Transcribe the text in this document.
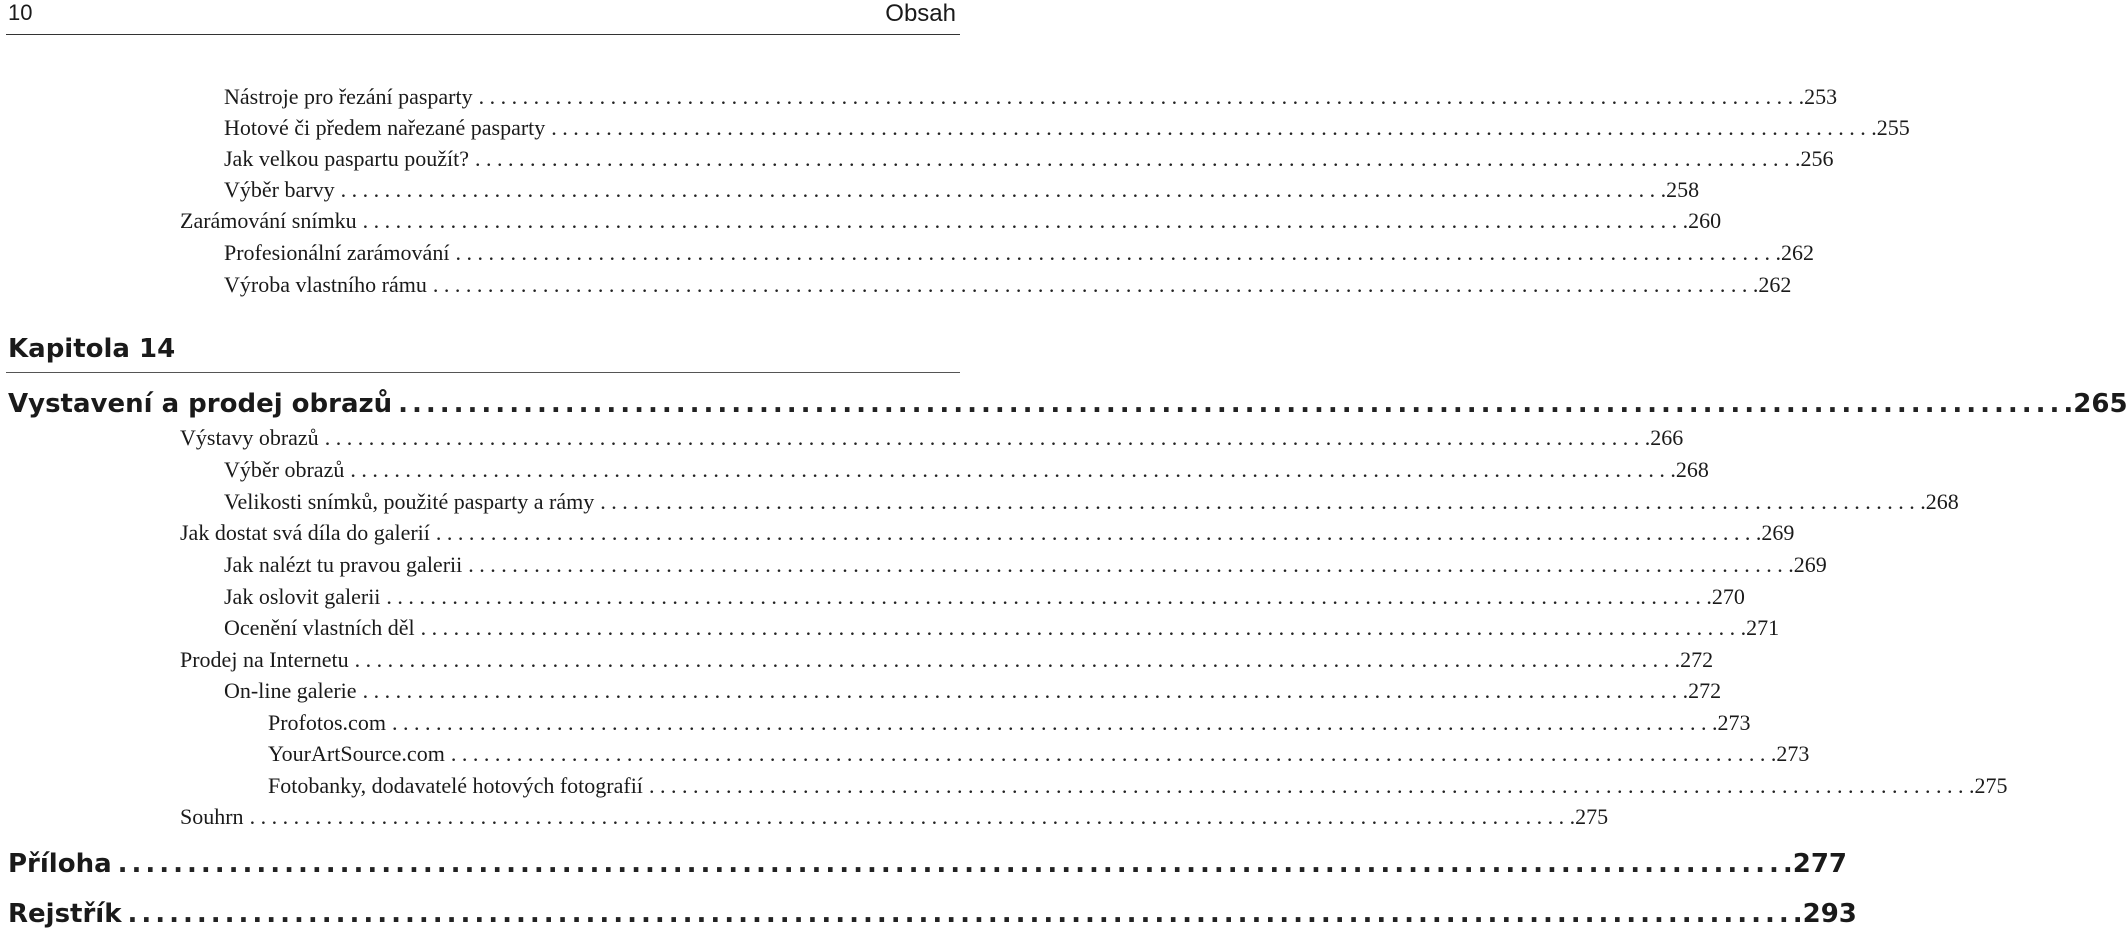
10	Obsah
Nástroje pro řezání pasparty ........................................................................................................................ .253
Hotové či předem nařezané pasparty ........................................................................................................................ .255
Jak velkou paspartu použít? ........................................................................................................................ .256
Výběr barvy ........................................................................................................................ .258
Zarámování snímku ........................................................................................................................ .260
Profesionální zarámování ........................................................................................................................ .262
Výroba vlastního rámu ........................................................................................................................ .262
Kapitola 14
Vystavení a prodej obrazů ........................................................................................................................ .265
Výstavy obrazů ........................................................................................................................ .266
Výběr obrazů ........................................................................................................................ .268
Velikosti snímků, použité pasparty a rámy ........................................................................................................................ .268
Jak dostat svá díla do galerií ........................................................................................................................ .269
Jak nalézt tu pravou galerii ........................................................................................................................ .269
Jak oslovit galerii ........................................................................................................................ .270
Ocenění vlastních děl ........................................................................................................................ .271
Prodej na Internetu ........................................................................................................................ .272
On-line galerie ........................................................................................................................ .272
Profotos.com ........................................................................................................................ .273
YourArtSource.com ........................................................................................................................ .273
Fotobanky, dodavatelé hotových fotografií ........................................................................................................................ .275
Souhrn ........................................................................................................................ .275
Příloha ........................................................................................................................ .277
Rejstřík ........................................................................................................................ .293
